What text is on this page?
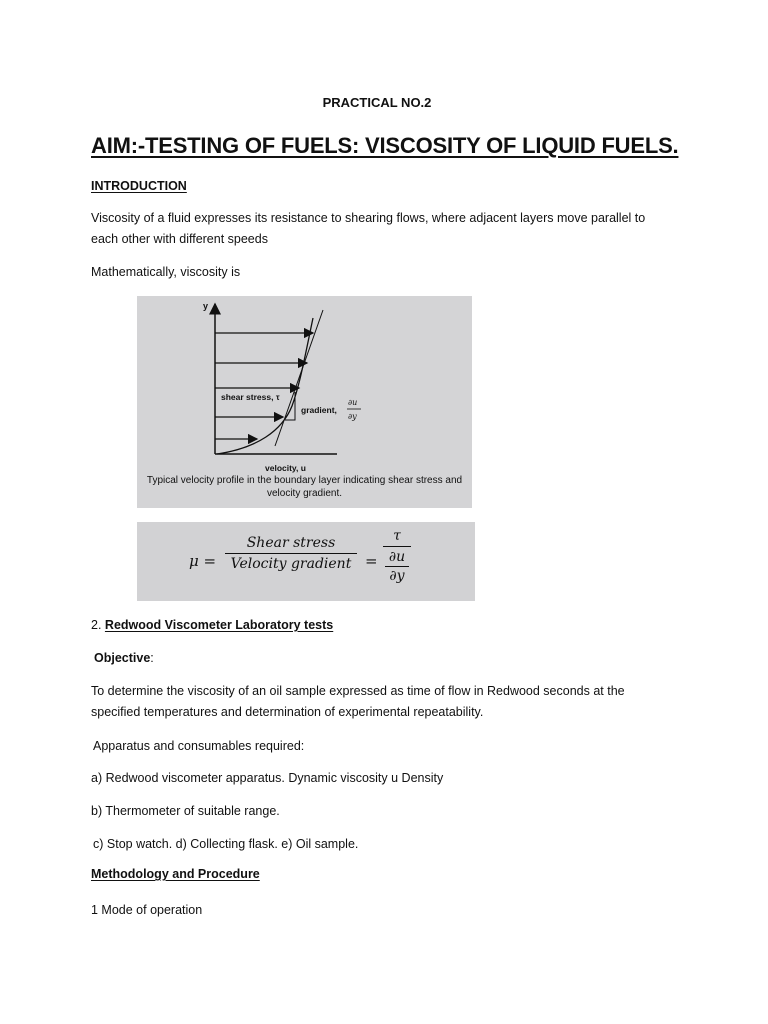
PRACTICAL NO.2
AIM:-TESTING OF FUELS: VISCOSITY OF LIQUID FUELS.
INTRODUCTION
Viscosity of a fluid expresses its resistance to shearing flows, where adjacent layers move parallel to each other with different speeds
Mathematically, viscosity is
y
shear stress, τ
gradient,
∂u
∂y
velocity, u
Typical velocity profile in the boundary layer indicating shear stress and
velocity gradient.
μ =
Shear stress
Velocity gradient =
τ
∂u
∂y
2. Redwood Viscometer Laboratory tests
Objective:
To determine the viscosity of an oil sample expressed as time of flow in Redwood seconds at the specified temperatures and determination of experimental repeatability.
Apparatus and consumables required:
a) Redwood viscometer apparatus. Dynamic viscosity u Density
b) Thermometer of suitable range.
c) Stop watch. d) Collecting flask. e) Oil sample.
Methodology and Procedure
1 Mode of operation
